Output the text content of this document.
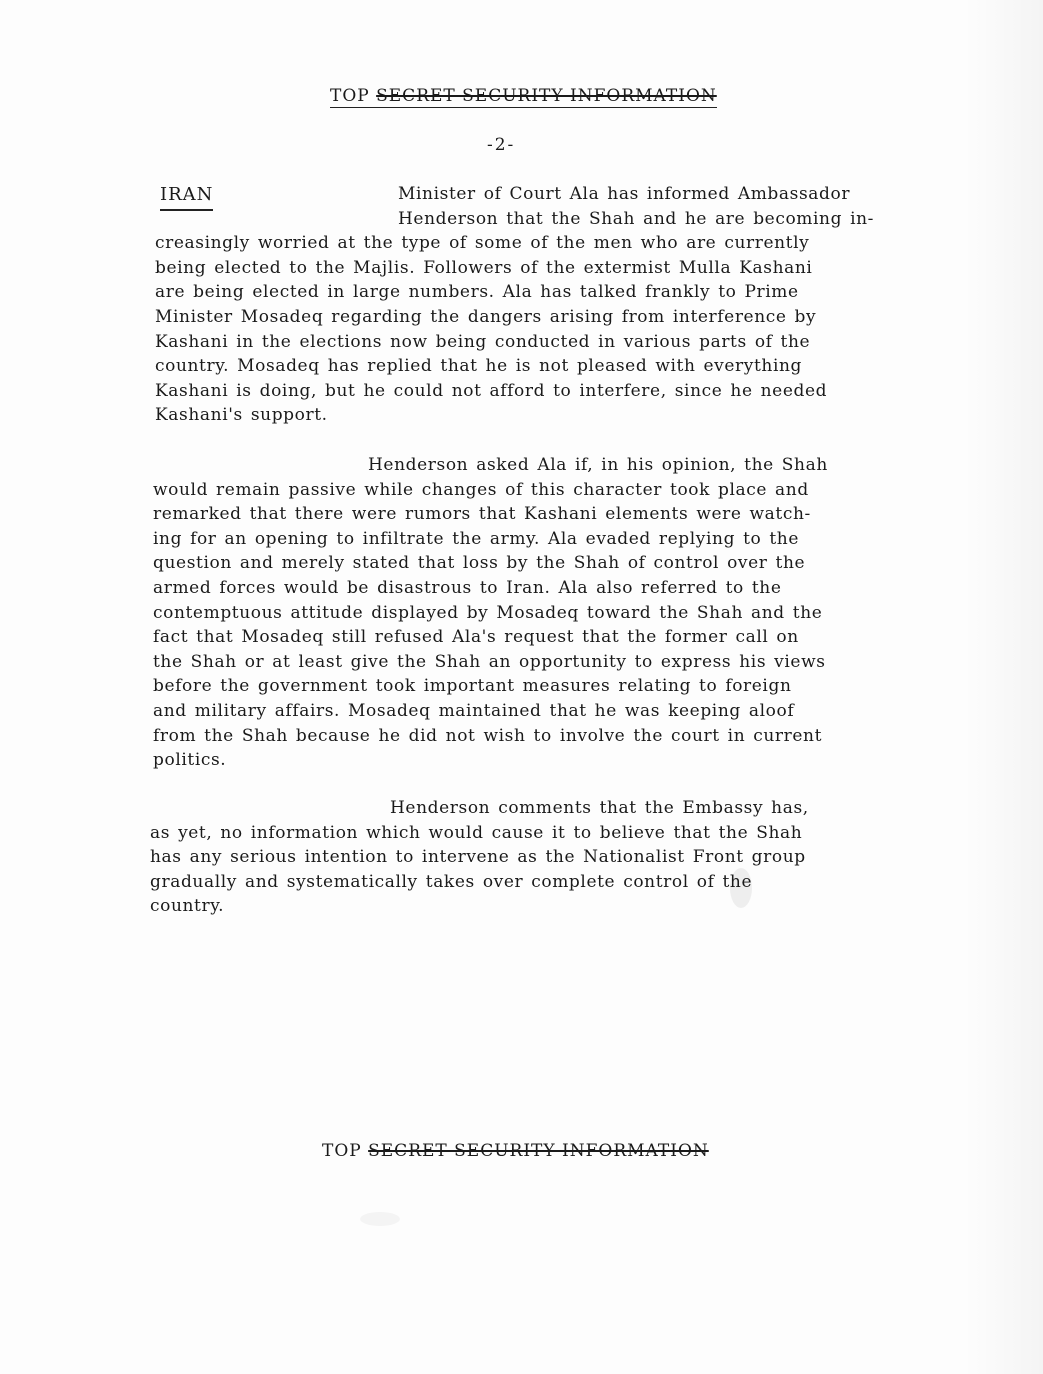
TOP SECRET SECURITY INFORMATION
-2-
IRAN	Minister of Court Ala has informed Ambassador
Henderson that the Shah and he are becoming in-
creasingly worried at the type of some of the men who are currently
being elected to the Majlis. Followers of the extermist Mulla Kashani
are being elected in large numbers. Ala has talked frankly to Prime
Minister Mosadeq regarding the dangers arising from interference by
Kashani in the elections now being conducted in various parts of the
country. Mosadeq has replied that he is not pleased with everything
Kashani is doing, but he could not afford to interfere, since he needed
Kashani's support.
Henderson asked Ala if, in his opinion, the Shah
would remain passive while changes of this character took place and
remarked that there were rumors that Kashani elements were watch-
ing for an opening to infiltrate the army. Ala evaded replying to the
question and merely stated that loss by the Shah of control over the
armed forces would be disastrous to Iran. Ala also referred to the
contemptuous attitude displayed by Mosadeq toward the Shah and the
fact that Mosadeq still refused Ala's request that the former call on
the Shah or at least give the Shah an opportunity to express his views
before the government took important measures relating to foreign
and military affairs. Mosadeq maintained that he was keeping aloof
from the Shah because he did not wish to involve the court in current
politics.
Henderson comments that the Embassy has,
as yet, no information which would cause it to believe that the Shah
has any serious intention to intervene as the Nationalist Front group
gradually and systematically takes over complete control of the
country.
TOP SECRET SECURITY INFORMATION
